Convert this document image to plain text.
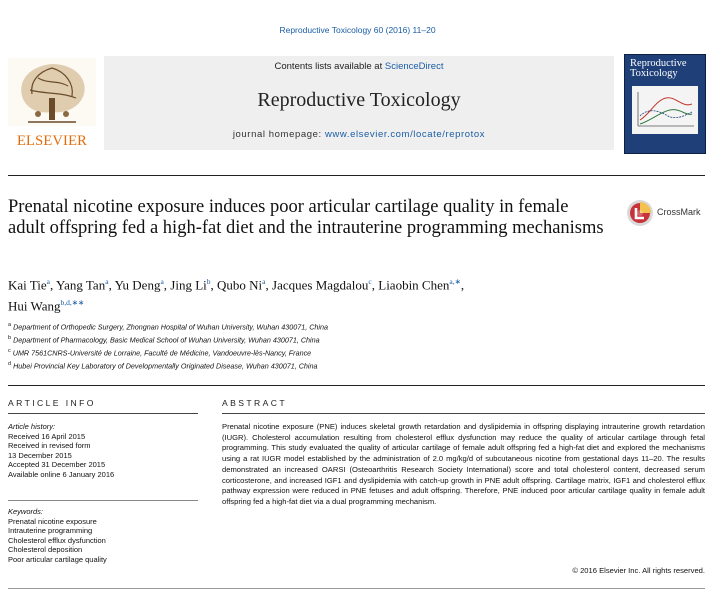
Reproductive Toxicology 60 (2016) 11–20
ELSEVIER
Contents lists available at ScienceDirect
Reproductive Toxicology
journal homepage: www.elsevier.com/locate/reprotox
Reproductive
Toxicology
Prenatal nicotine exposure induces poor articular cartilage quality in female adult offspring fed a high-fat diet and the intrauterine programming mechanisms
CrossMark
Kai Tie$^a$, Yang Tan$^a$, Yu Deng$^a$, Jing Li$^b$, Qubo Ni$^a$, Jacques Magdalou$^c$, Liaobin Chen$^{a,∗}$,
Hui Wang$^{b,d,∗∗}$
$^a$ Department of Orthopedic Surgery, Zhongnan Hospital of Wuhan University, Wuhan 430071, China
$^b$ Department of Pharmacology, Basic Medical School of Wuhan University, Wuhan 430071, China
$^c$ UMR 7561CNRS-Université de Lorraine, Faculté de Médicine, Vandoeuvre-lès-Nancy, France
$^d$ Hubei Provincial Key Laboratory of Developmentally Originated Disease, Wuhan 430071, China
ARTICLE INFO
Article history:
Received 16 April 2015
Received in revised form
13 December 2015
Accepted 31 December 2015
Available online 6 January 2016
Keywords:
Prenatal nicotine exposure
Intrauterine programming
Cholesterol efflux dysfunction
Cholesterol deposition
Poor articular cartilage quality
ABSTRACT
Prenatal nicotine exposure (PNE) induces skeletal growth retardation and dyslipidemia in offspring displaying intrauterine growth retardation (IUGR). Cholesterol accumulation resulting from cholesterol efflux dysfunction may reduce the quality of articular cartilage through fetal programming. This study evaluated the quality of articular cartilage of female adult offspring fed a high-fat diet and explored the mechanisms using a rat IUGR model established by the administration of 2.0 mg/kg/d of subcutaneous nicotine from gestational days 11–20. The results demonstrated an increased OARSI (Osteoarthritis Research Society International) score and total cholesterol content, decreased serum corticosterone, and increased IGF1 and dyslipidemia with catch-up growth in PNE adult offspring. Cartilage matrix, IGF1 and cholesterol efflux pathway expression were reduced in PNE fetuses and adult offspring. Therefore, PNE induced poor articular cartilage quality in female adult offspring fed a high-fat diet via a dual programming mechanism.
© 2016 Elsevier Inc. All rights reserved.
